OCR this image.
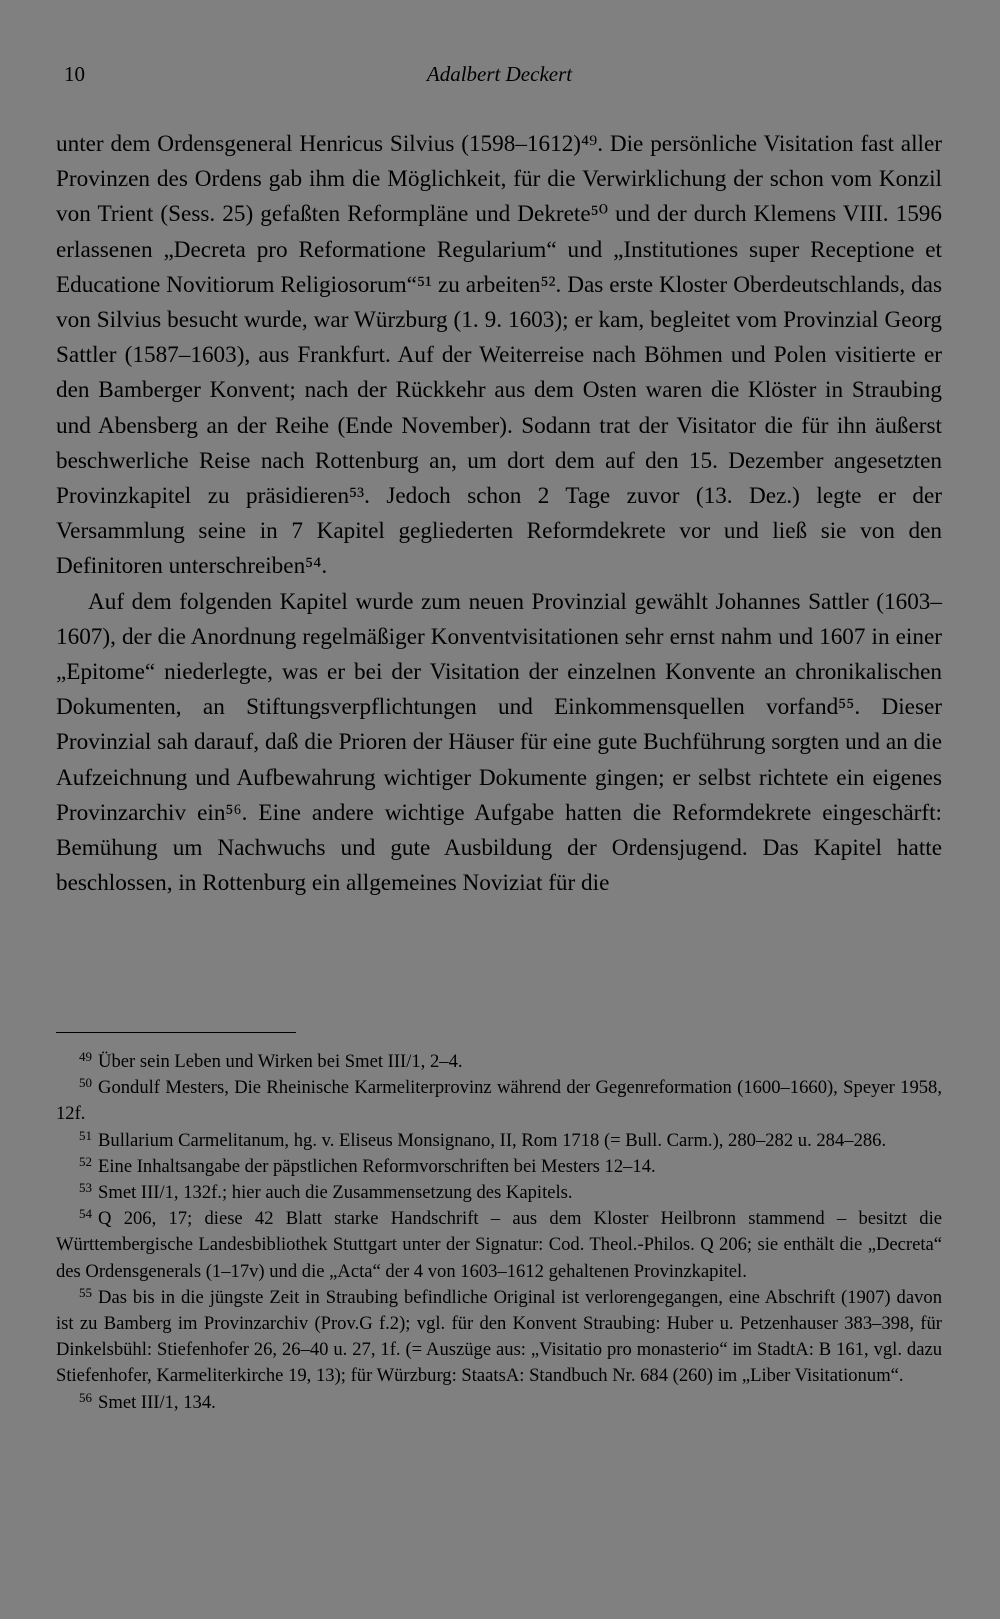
10	Adalbert Deckert

unter dem Ordensgeneral Henricus Silvius (1598–1612)⁴⁹. Die persönliche Visitation fast aller Provinzen des Ordens gab ihm die Möglichkeit, für die Verwirklichung der schon vom Konzil von Trient (Sess. 25) gefaßten Reformpläne und Dekrete⁵⁰ und der durch Klemens VIII. 1596 erlassenen „Decreta pro Reformatione Regularium“ und „Institutiones super Receptione et Educatione Novitiorum Religiosorum“⁵¹ zu arbeiten⁵². Das erste Kloster Oberdeutschlands, das von Silvius besucht wurde, war Würzburg (1. 9. 1603); er kam, begleitet vom Provinzial Georg Sattler (1587–1603), aus Frankfurt. Auf der Weiterreise nach Böhmen und Polen visitierte er den Bamberger Konvent; nach der Rückkehr aus dem Osten waren die Klöster in Straubing und Abensberg an der Reihe (Ende November). Sodann trat der Visitator die für ihn äußerst beschwerliche Reise nach Rottenburg an, um dort dem auf den 15. Dezember angesetzten Provinzkapitel zu präsidieren⁵³. Jedoch schon 2 Tage zuvor (13. Dez.) legte er der Versammlung seine in 7 Kapitel gegliederten Reformdekrete vor und ließ sie von den Definitoren unterschreiben⁵⁴.

Auf dem folgenden Kapitel wurde zum neuen Provinzial gewählt Johannes Sattler (1603–1607), der die Anordnung regelmäßiger Konventvisitationen sehr ernst nahm und 1607 in einer „Epitome“ niederlegte, was er bei der Visitation der einzelnen Konvente an chronikalischen Dokumenten, an Stiftungsverpflichtungen und Einkommensquellen vorfand⁵⁵. Dieser Provinzial sah darauf, daß die Prioren der Häuser für eine gute Buchführung sorgten und an die Aufzeichnung und Aufbewahrung wichtiger Dokumente gingen; er selbst richtete ein eigenes Provinzarchiv ein⁵⁶. Eine andere wichtige Aufgabe hatten die Reformdekrete eingeschärft: Bemühung um Nachwuchs und gute Ausbildung der Ordensjugend. Das Kapitel hatte beschlossen, in Rottenburg ein allgemeines Noviziat für die

$^{49}$ Über sein Leben und Wirken bei Smet III/1, 2–4.

$^{50}$ Gondulf Mesters, Die Rheinische Karmeliterprovinz während der Gegenreformation (1600–1660), Speyer 1958, 12f.

$^{51}$ Bullarium Carmelitanum, hg. v. Eliseus Monsignano, II, Rom 1718 (= Bull. Carm.), 280–282 u. 284–286.

$^{52}$ Eine Inhaltsangabe der päpstlichen Reformvorschriften bei Mesters 12–14.

$^{53}$ Smet III/1, 132f.; hier auch die Zusammensetzung des Kapitels.

$^{54}$ Q 206, 17; diese 42 Blatt starke Handschrift – aus dem Kloster Heilbronn stammend – besitzt die Württembergische Landesbibliothek Stuttgart unter der Signatur: Cod. Theol.-Philos. Q 206; sie enthält die „Decreta“ des Ordensgenerals (1–17v) und die „Acta“ der 4 von 1603–1612 gehaltenen Provinzkapitel.

$^{55}$ Das bis in die jüngste Zeit in Straubing befindliche Original ist verlorengegangen, eine Abschrift (1907) davon ist zu Bamberg im Provinzarchiv (Prov.G f.2); vgl. für den Konvent Straubing: Huber u. Petzenhauser 383–398, für Dinkelsbühl: Stiefenhofer 26, 26–40 u. 27, 1f. (= Auszüge aus: „Visitatio pro monasterio“ im StadtA: B 161, vgl. dazu Stiefenhofer, Karmeliterkirche 19, 13); für Würzburg: StaatsA: Standbuch Nr. 684 (260) im „Liber Visitationum“.

$^{56}$ Smet III/1, 134.
